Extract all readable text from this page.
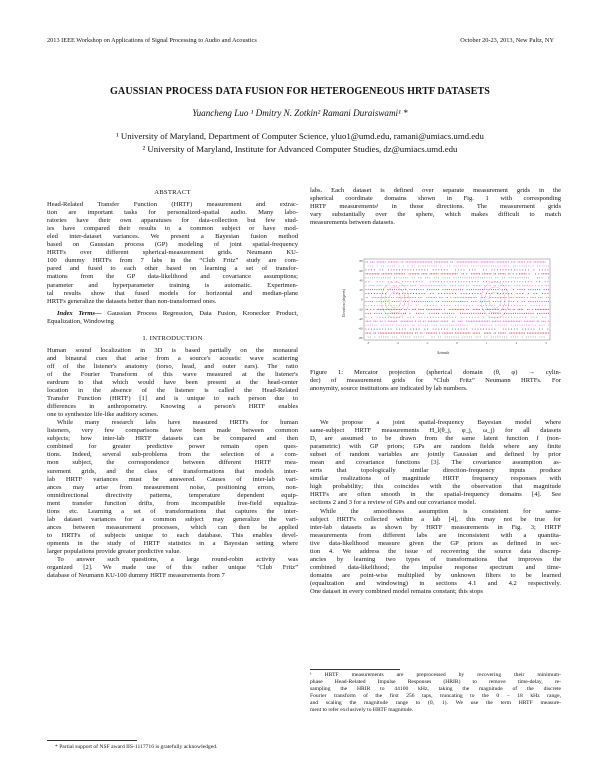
2013 IEEE Workshop on Applications of Signal Processing to Audio and Acoustics	October 20-23, 2013, New Paltz, NY
GAUSSIAN PROCESS DATA FUSION FOR HETEROGENEOUS HRTF DATASETS
Yuancheng Luo ¹ Dmitry N. Zotkin² Ramani Duraiswami¹ *
¹ University of Maryland, Department of Computer Science, yluo1@umd.edu, ramani@umiacs.umd.edu
² University of Maryland, Institute for Advanced Computer Studies, dz@umiacs.umd.edu
ABSTRACT
Head-Related Transfer Function (HRTF) measurement and extrac-
tion are important tasks for personalized-spatial audio. Many labo-
ratories have their own apparatuses for data-collection but few stud-
ies have compared their results to a common subject or have mod-
eled inter-dataset variances. We present a Bayesian fusion method
based on Gaussian process (GP) modeling of joint spatial-frequency
HRTFs over different spherical-measurement grids. Neumann KU-
100 dummy HRTFs from 7 labs in the “Club Fritz” study are com-
pared and fused to each other based on learning a set of transfor-
mations from the GP data-likelihood and covariance assumptions;
parameter and hyperparameter training is automatic. Experimen-
tal results show that fused models for horizontal and median-plane
HRTFs generalize the datasets better than non-transformed ones.

Index Terms— Gaussian Process Regression, Data Fusion, Kronecker Product, Equalization, Windowing

1. INTRODUCTION
Human sound localization in 3D is based partially on the monaural
and binaural cues that arise from a source's acoustic wave scattering
off of the listener's anatomy (torso, head, and outer ears). The ratio
of the Fourier Transform of this wave measured at the listener's
eardrum to that which would have been present at the head-center
location in the absence of the listener is called the Head-Related
Transfer Function (HRTF) [1] and is unique to each person due to
differences in anthropometry. Knowing a person's HRTF enables
one to synthesize life-like auditory scenes.
While many research labs have measured HRTFs for human
listeners, very few comparisons have been made between common
subjects; how inter-lab HRTF datasets can be compared and then
combined for greater predictive power remain open ques-
tions. Indeed, several sub-problems from the selection of a com-
mon subject, the correspondence between different HRTF mea-
surement grids, and the class of transformations that models inter-
lab HRTF variances must be answered. Causes of inter-lab vari-
ances may arise from measurement noise, positioning errors, non-
omnidirectional directivity patterns, temperature dependent equip-
ment transfer function drifts, from incompatible free-field equaliza-
tions etc. Learning a set of transformations that captures the inter-
lab dataset variances for a common subject may generalize the vari-
ances between measurement processes, which can then be applied
to HRTFs of subjects unique to each database. This enables devel-
opments in the study of HRTF statistics in a Bayesian setting where
larger populations provide greater predictive value.
To answer such questions, a large round-robin activity was
organized [2]. We made use of this rather unique “Club Fritz”
database of Neumann KU-100 dummy HRTF measurements from 7
* Partial support of NSF award IIS-1117716 is gratefully acknowledged.
labs. Each dataset is defined over separate measurement grids in the
spherical coordinate domains shown in Fig. 1 with corresponding
HRTF measurements¹ in those directions. The measurement grids
vary substantially over the sphere, which makes difficult to match
measurements between datasets.
80
60
40
20
0
-20
-40
-60
-80
-3	-2	-1	0	1	2	3
Elevation (degrees)
Azimuth
Figure 1: Mercator projection (spherical domain (θ, φ) → cylin-
der) of measurement grids for “Club Fritz” Neumann HRTFs. For
anonymity, source institutions are indicated by lab numbers.
We propose a joint spatial-frequency Bayesian model where
same-subject HRTF measurements H_l(θ_j, φ_j, ω_j) for all datasets
D, are assumed to be drawn from the same latent function f (non-
parametric) with GP priors; GPs are random fields where any finite
subset of random variables are jointly Gaussian and defined by prior
mean and covariance functions [3]. The covariance assumption as-
serts that topologically similar direction-frequency inputs produce
similar realizations of magnitude HRTF frequency responses with
high probability; this coincides with the observation that magnitude
HRTFs are often smooth in the spatial-frequency domains [4]. See
sections 2 and 3 for a review of GPs and our covariance model.
While the smoothness assumption is consistent for same-
subject HRTFs collected within a lab [4], this may not be true for
inter-lab datasets as shown by HRTF measurements in Fig. 3; HRTF
measurements from different labs are inconsistent with a quantita-
tive data-likelihood measure given the GP priors as defined in sec-
tion 4. We address the issue of recovering the source data discrep-
ancies by learning two types of transformations that improves the
combined data-likelihood; the impulse response spectrum and time-
domains are point-wise multiplied by unknown filters to be learned
(equalization and windowing) in sections 4.1 and 4.2 respectively.
One dataset in every combined model remains constant; this stops
¹ HRTF measurements are preprocessed by recovering their minimum-
phase Head-Related Impulse Responses (HRIR) to remove time-delay, re-
sampling the HRIR to 44100 kHz, taking the magnitude of the discrete
Fourier transform of the first 256 taps, truncating to the 0 − 18 kHz range,
and scaling the magnitude range to (0, 1). We use the term HRTF measure-
ment to refer exclusively to HRTF magnitude.
